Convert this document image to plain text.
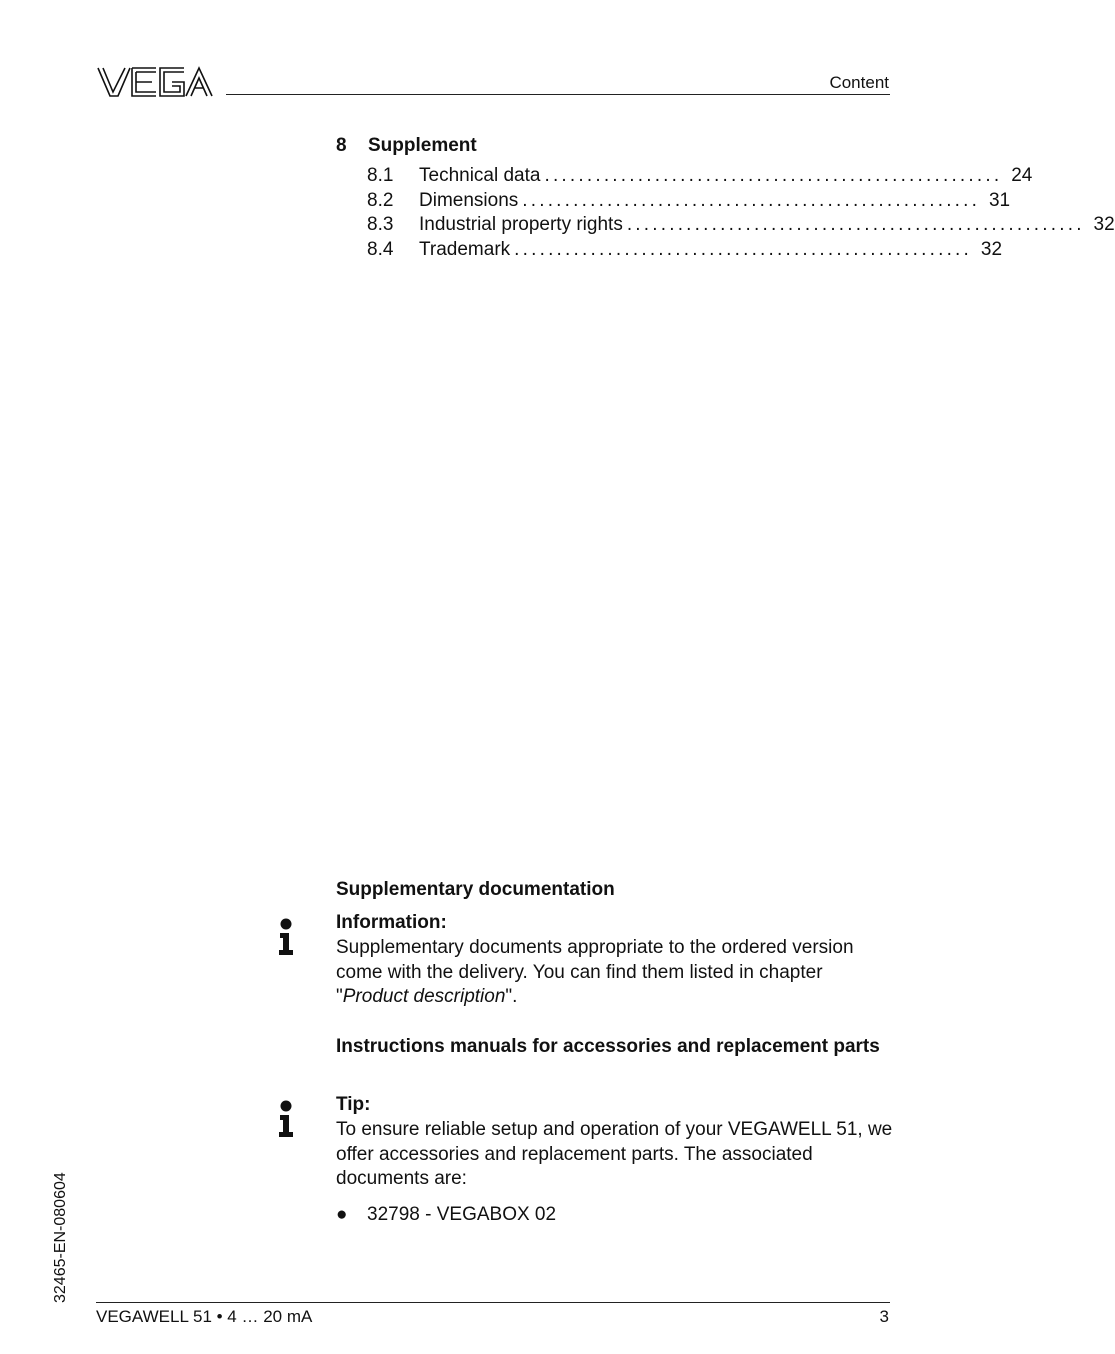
Content
8 Supplement
8.1	Technical data ...................................................... 24
8.2	Dimensions ...................................................... 31
8.3	Industrial property rights ...................................................... 32
8.4	Trademark ...................................................... 32
Supplementary documentation
Information:
Supplementary documents appropriate to the ordered version come with the delivery. You can find them listed in chapter "Product description".
Instructions manuals for accessories and replacement parts
Tip:
To ensure reliable setup and operation of your VEGAWELL 51, we offer accessories and replacement parts. The associated documents are:
●	32798 - VEGABOX 02
32465-EN-080604
VEGAWELL 51 • 4 … 20 mA	3
